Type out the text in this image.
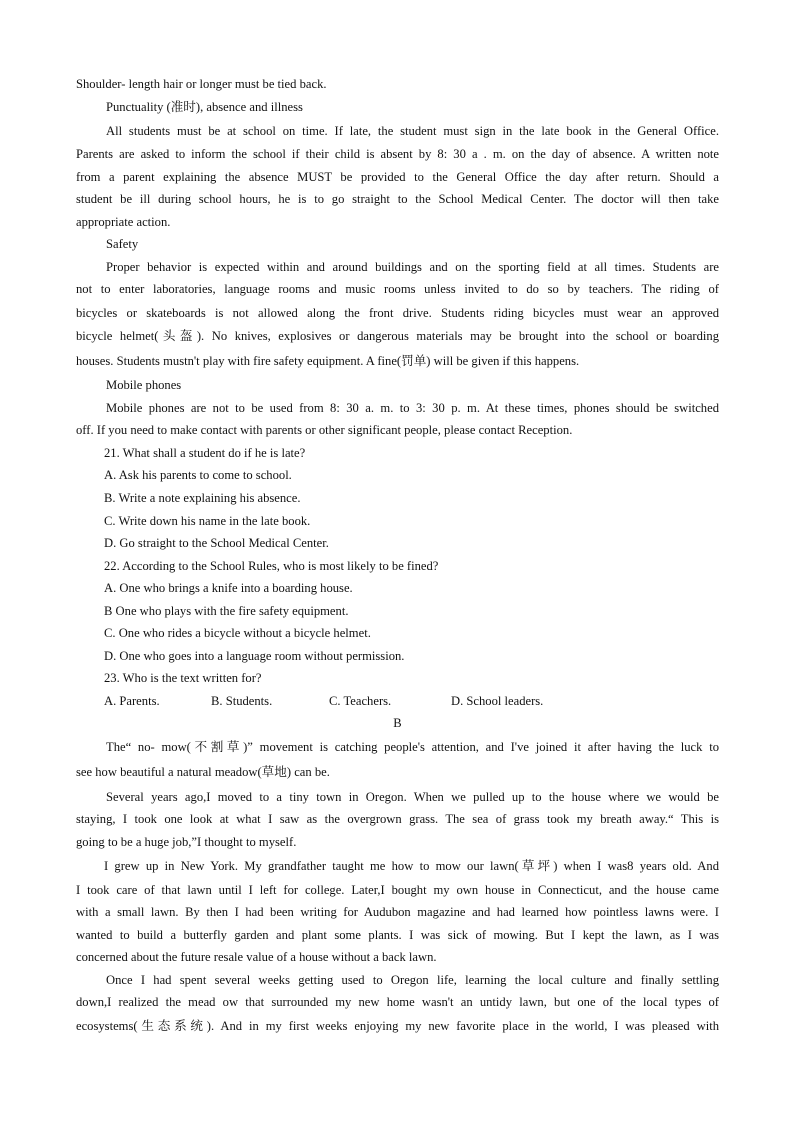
Shoulder- length hair or longer must be tied back.
Punctuality (准时), absence and illness
All students must be at school on time. If late, the student must sign in the late book in the General Office.
Parents are asked to inform the school if their child is absent by 8: 30 a . m. on the day of absence. A written note
from a parent explaining the absence MUST be provided to the General Office the day after return. Should a
student be ill during school hours, he is to go straight to the School Medical Center. The doctor will then take
appropriate action.
Safety
Proper behavior is expected within and around buildings and on the sporting field at all times. Students are
not to enter laboratories, language rooms and music rooms unless invited to do so by teachers. The riding of
bicycles or skateboards is not allowed along the front drive. Students riding bicycles must wear an approved
bicycle helmet(头盔). No knives, explosives or dangerous materials may be brought into the school or boarding
houses. Students mustn't play with fire safety equipment. A fine(罚单) will be given if this happens.
Mobile phones
Mobile phones are not to be used from 8: 30 a. m. to 3: 30 p. m. At these times, phones should be switched
off. If you need to make contact with parents or other significant people, please contact Reception.
21. What shall a student do if he is late?
A. Ask his parents to come to school.
B. Write a note explaining his absence.
C. Write down his name in the late book.
D. Go straight to the School Medical Center.
22. According to the School Rules, who is most likely to be fined?
A. One who brings a knife into a boarding house.
B One who plays with the fire safety equipment.
C. One who rides a bicycle without a bicycle helmet.
D. One who goes into a language room without permission.
23. Who is the text written for?
A. Parents.	B. Students.	C. Teachers.	D. School leaders.
B
The“ no- mow(不割草)” movement is catching people's attention, and I've joined it after having the luck to
see how beautiful a natural meadow(草地) can be.
Several years ago,I moved to a tiny town in Oregon. When we pulled up to the house where we would be
staying, I took one look at what I saw as the overgrown grass. The sea of grass took my breath away.“ This is
going to be a huge job,”I thought to myself.
I grew up in New York. My grandfather taught me how to mow our lawn(草坪) when I was8 years old. And
I took care of that lawn until I left for college. Later,I bought my own house in Connecticut, and the house came
with a small lawn. By then I had been writing for Audubon magazine and had learned how pointless lawns were. I
wanted to build a butterfly garden and plant some plants. I was sick of mowing. But I kept the lawn, as I was
concerned about the future resale value of a house without a back lawn.
Once I had spent several weeks getting used to Oregon life, learning the local culture and finally settling
down,I realized the mead ow that surrounded my new home wasn't an untidy lawn, but one of the local types of
ecosystems(生态系统). And in my first weeks enjoying my new favorite place in the world, I was pleased with
